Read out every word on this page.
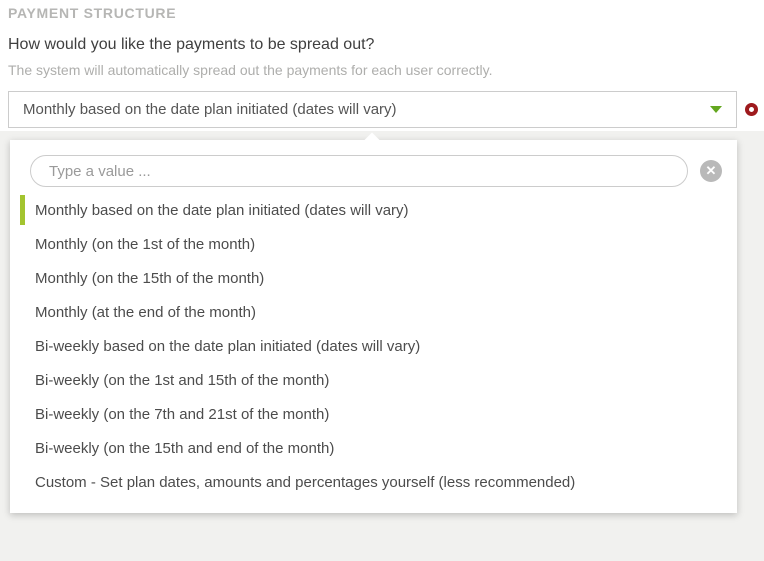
PAYMENT STRUCTURE
How would you like the payments to be spread out?
The system will automatically spread out the payments for each user correctly.
Monthly based on the date plan initiated (dates will vary)
Type a value ...
✕
Monthly based on the date plan initiated (dates will vary)
Monthly (on the 1st of the month)
Monthly (on the 15th of the month)
Monthly (at the end of the month)
Bi-weekly based on the date plan initiated (dates will vary)
Bi-weekly (on the 1st and 15th of the month)
Bi-weekly (on the 7th and 21st of the month)
Bi-weekly (on the 15th and end of the month)
Custom - Set plan dates, amounts and percentages yourself (less recommended)
